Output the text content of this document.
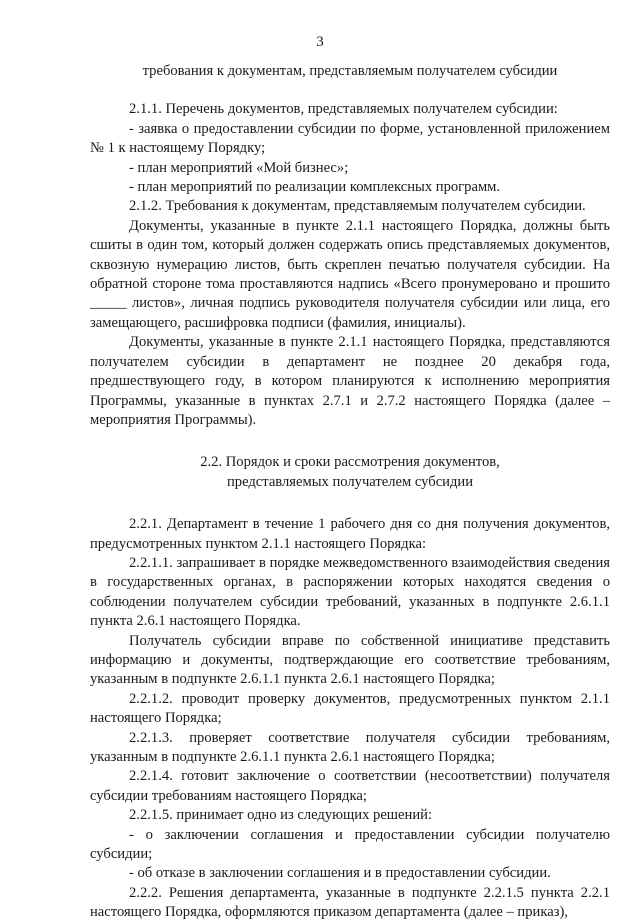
3

требования к документам, представляемым получателем субсидии

2.1.1. Перечень документов, представляемых получателем субсидии:

- заявка о предоставлении субсидии по форме, установленной приложением № 1 к настоящему Порядку;

- план мероприятий «Мой бизнес»;

- план мероприятий по реализации комплексных программ.

2.1.2. Требования к документам, представляемым получателем субсидии.

Документы, указанные в пункте 2.1.1 настоящего Порядка, должны быть сшиты в один том, который должен содержать опись представляемых документов, сквозную нумерацию листов, быть скреплен печатью получателя субсидии. На обратной стороне тома проставляются надпись «Всего пронумеровано и прошито _____ листов», личная подпись руководителя получателя субсидии или лица, его замещающего, расшифровка подписи (фамилия, инициалы).

Документы, указанные в пункте 2.1.1 настоящего Порядка, представляются получателем субсидии в департамент не позднее 20 декабря года, предшествующего году, в котором планируются к исполнению мероприятия Программы, указанные в пунктах 2.7.1 и 2.7.2 настоящего Порядка (далее – мероприятия Программы).

2.2. Порядок и сроки рассмотрения документов,

представляемых получателем субсидии

2.2.1. Департамент в течение 1 рабочего дня со дня получения документов, предусмотренных пунктом 2.1.1 настоящего Порядка:

2.2.1.1. запрашивает в порядке межведомственного взаимодействия сведения в государственных органах, в распоряжении которых находятся сведения о соблюдении получателем субсидии требований, указанных в подпункте 2.6.1.1 пункта 2.6.1 настоящего Порядка.

Получатель субсидии вправе по собственной инициативе представить информацию и документы, подтверждающие его соответствие требованиям, указанным в подпункте 2.6.1.1 пункта 2.6.1 настоящего Порядка;

2.2.1.2. проводит проверку документов, предусмотренных пунктом 2.1.1 настоящего Порядка;

2.2.1.3. проверяет соответствие получателя субсидии требованиям, указанным в подпункте 2.6.1.1 пункта 2.6.1 настоящего Порядка;

2.2.1.4. готовит заключение о соответствии (несоответствии) получателя субсидии требованиям настоящего Порядка;

2.2.1.5. принимает одно из следующих решений:

- о заключении соглашения и предоставлении субсидии получателю субсидии;

- об отказе в заключении соглашения и в предоставлении субсидии.

2.2.2. Решения департамента, указанные в подпункте 2.2.1.5 пункта 2.2.1 настоящего Порядка, оформляются приказом департамента (далее – приказ),
